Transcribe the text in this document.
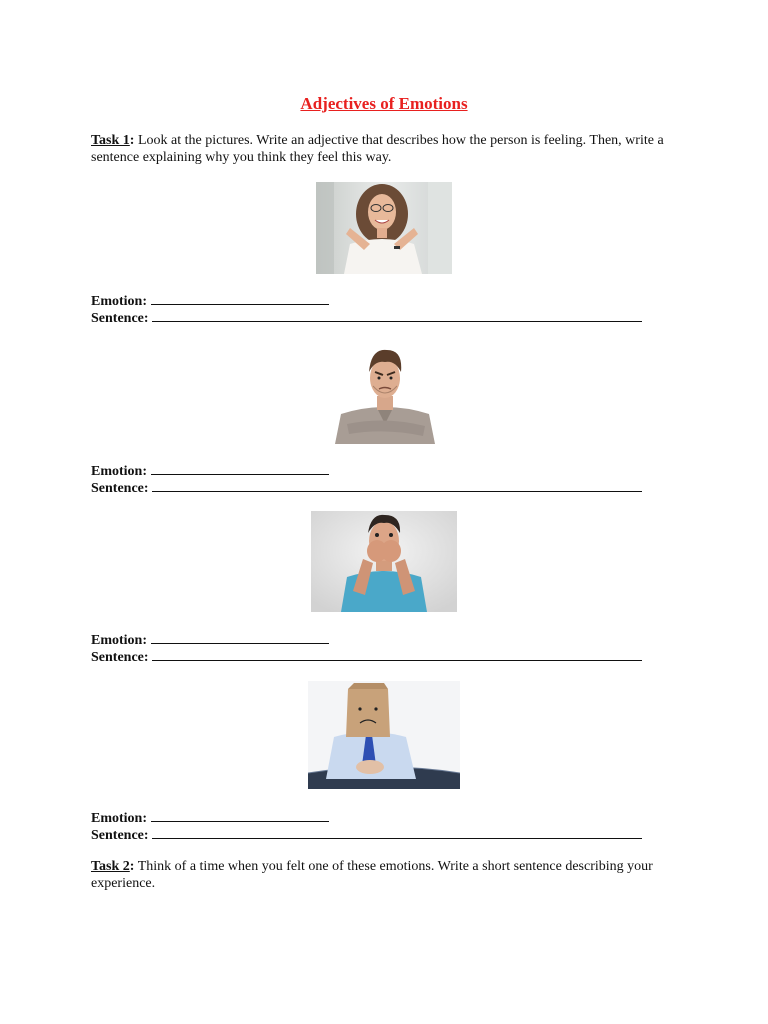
Adjectives of Emotions
Task 1: Look at the pictures. Write an adjective that describes how the person is feeling. Then, write a sentence explaining why you think they feel this way.
Emotion:
Sentence:
Emotion:
Sentence:
Emotion:
Sentence:
Emotion:
Sentence:
Task 2: Think of a time when you felt one of these emotions. Write a short sentence describing your experience.
